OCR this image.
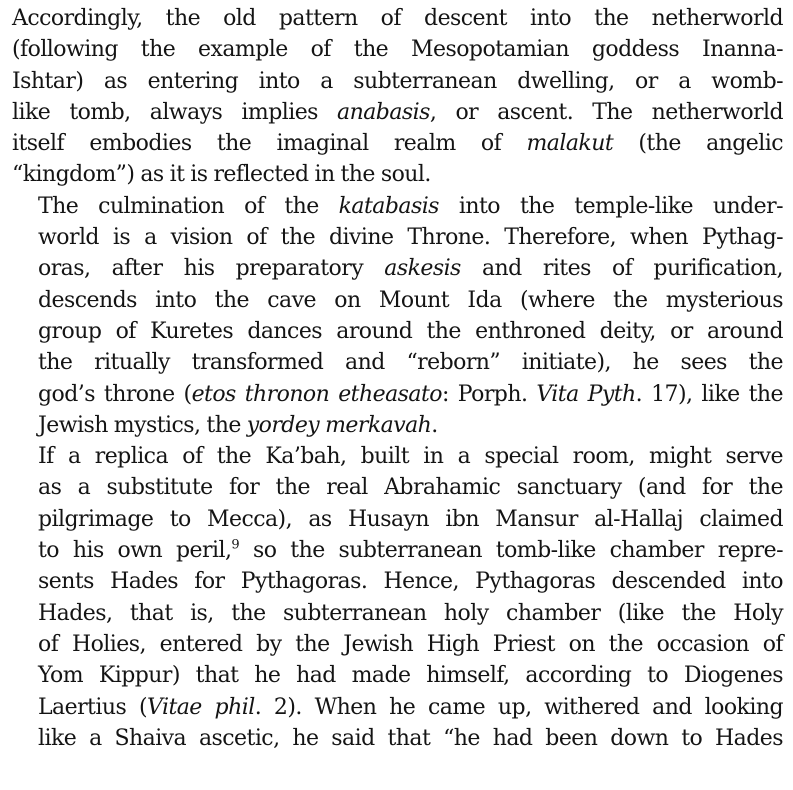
Accordingly, the old pattern of descent into the netherworld
(following the example of the Mesopotamian goddess Inanna-
Ishtar) as entering into a subterranean dwelling, or a womb-
like tomb, always implies anabasis, or ascent. The netherworld
itself embodies the imaginal realm of malakut (the angelic
“kingdom”) as it is reflected in the soul.

The culmination of the katabasis into the temple-like under-
world is a vision of the divine Throne. Therefore, when Pythag-
oras, after his preparatory askesis and rites of purification,
descends into the cave on Mount Ida (where the mysterious
group of Kuretes dances around the enthroned deity, or around
the ritually transformed and “reborn” initiate), he sees the
god’s throne (etos thronon etheasato: Porph. Vita Pyth. 17), like the
Jewish mystics, the yordey merkavah.

If a replica of the Ka’bah, built in a special room, might serve
as a substitute for the real Abrahamic sanctuary (and for the
pilgrimage to Mecca), as Husayn ibn Mansur al-Hallaj claimed
to his own peril,$^9$ so the subterranean tomb-like chamber repre-
sents Hades for Pythagoras. Hence, Pythagoras descended into
Hades, that is, the subterranean holy chamber (like the Holy
of Holies, entered by the Jewish High Priest on the occasion of
Yom Kippur) that he had made himself, according to Diogenes
Laertius (Vitae phil. 2). When he came up, withered and looking
like a Shaiva ascetic, he said that “he had been down to Hades
